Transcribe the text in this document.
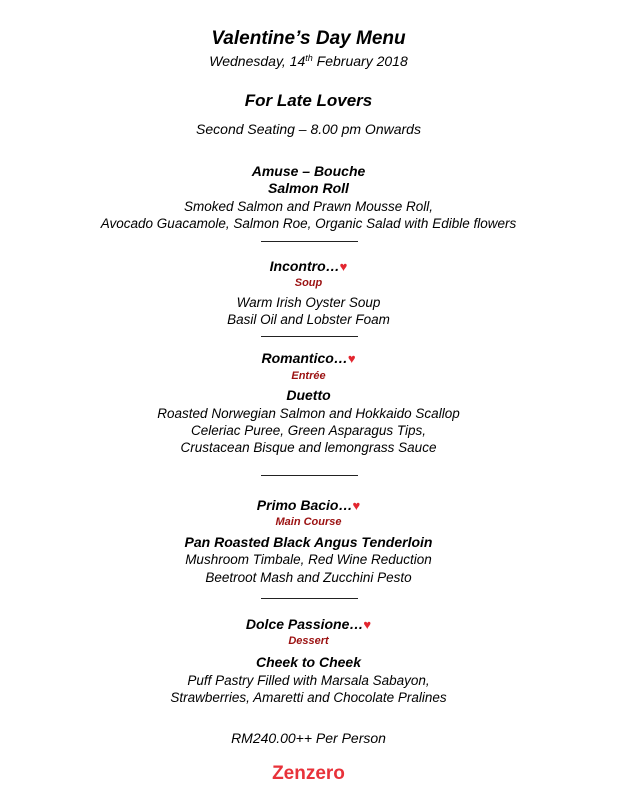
Valentine’s Day Menu
Wednesday, 14th February 2018
For Late Lovers
Second Seating – 8.00 pm Onwards
Amuse – Bouche
Salmon Roll
Smoked Salmon and Prawn Mousse Roll,
Avocado Guacamole, Salmon Roe, Organic Salad with Edible flowers
Incontro…♥
Soup
Warm Irish Oyster Soup
Basil Oil and Lobster Foam
Romantico…♥
Entrée
Duetto
Roasted Norwegian Salmon and Hokkaido Scallop
Celeriac Puree, Green Asparagus Tips,
Crustacean Bisque and lemongrass Sauce
Primo Bacio…♥
Main Course
Pan Roasted Black Angus Tenderloin
Mushroom Timbale, Red Wine Reduction
Beetroot Mash and Zucchini Pesto
Dolce Passione…♥
Dessert
Cheek to Cheek
Puff Pastry Filled with Marsala Sabayon,
Strawberries, Amaretti and Chocolate Pralines
RM240.00++ Per Person
Zenzero
